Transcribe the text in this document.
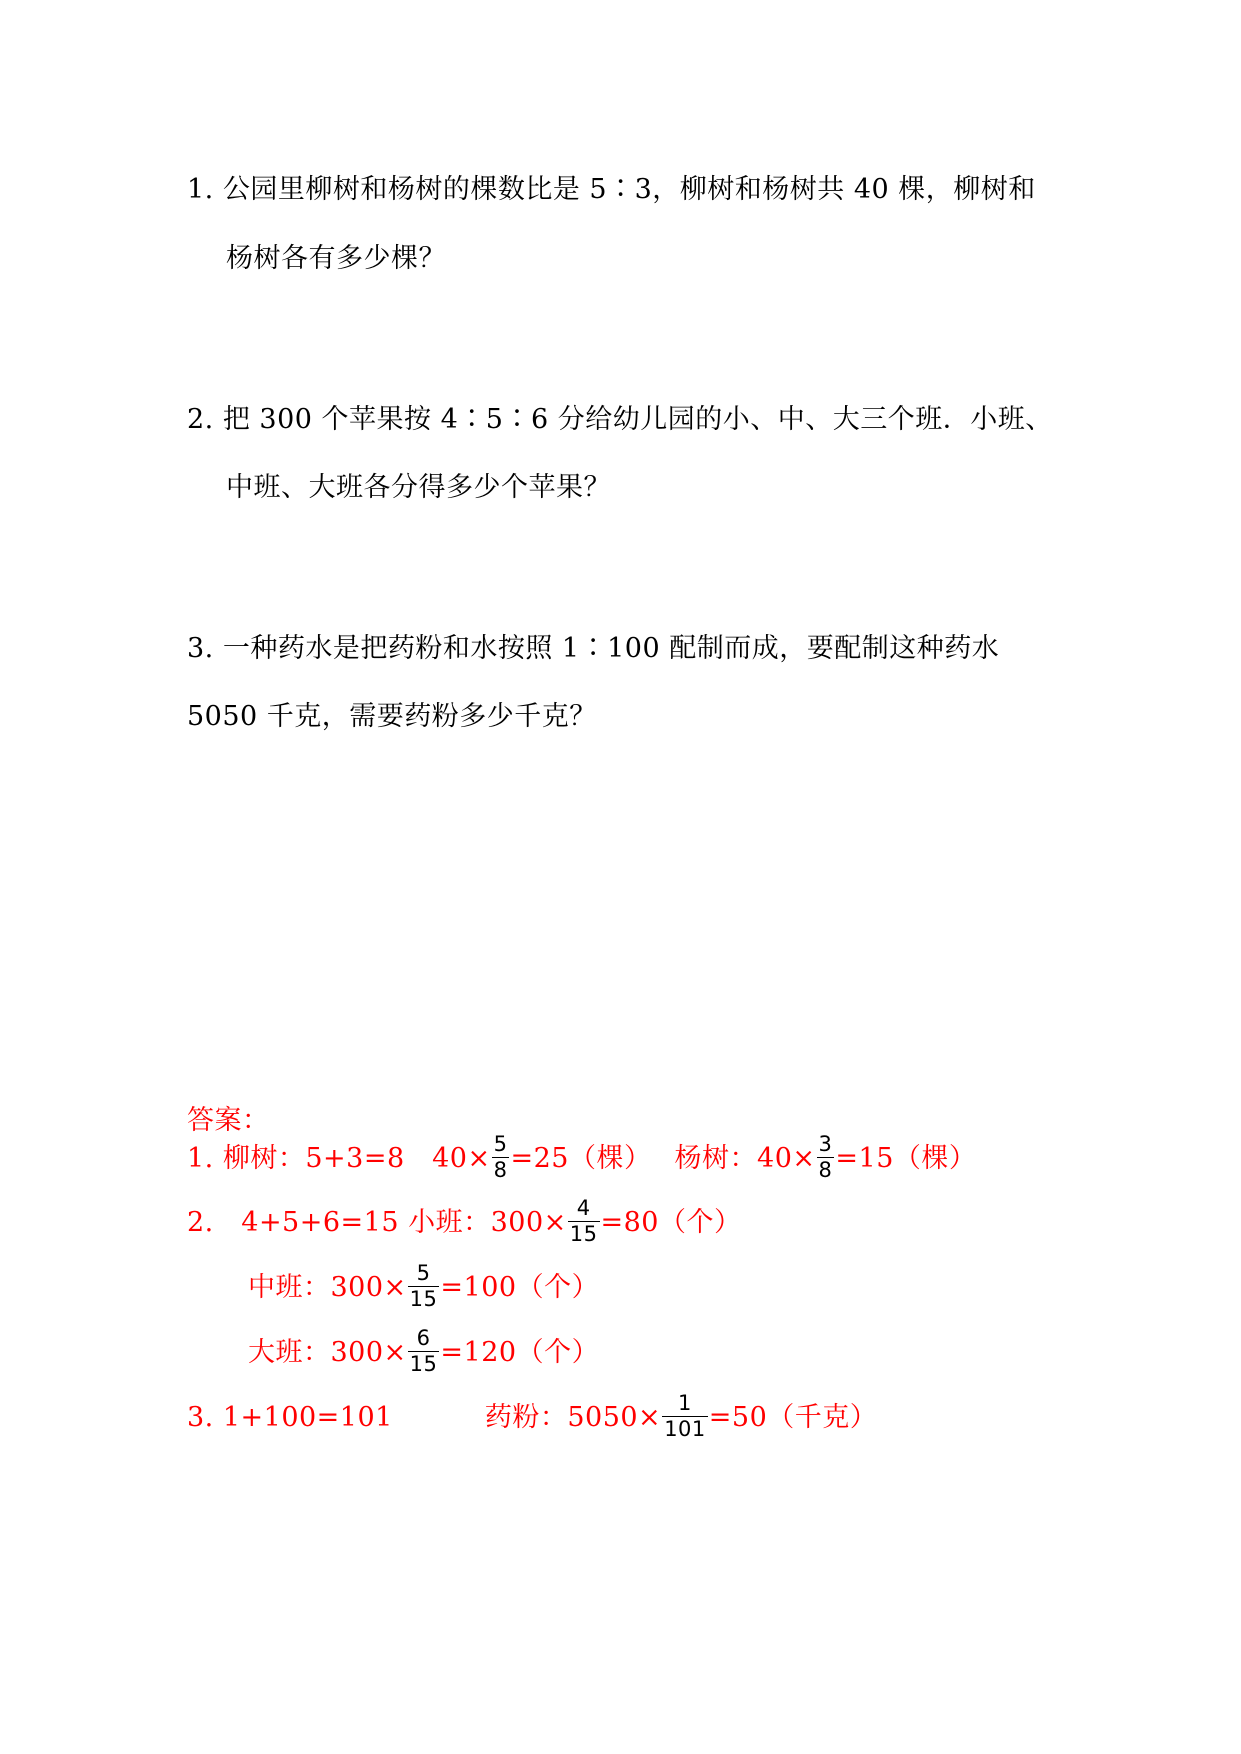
1. 公园里柳树和杨树的棵数比是 5∶3，柳树和杨树共 40 棵，柳树和
杨树各有多少棵？
2. 把 300 个苹果按 4∶5∶6 分给幼儿园的小、中、大三个班．小班、
中班、大班各分得多少个苹果？
3. 一种药水是把药粉和水按照 1∶100 配制而成，要配制这种药水
5050 千克，需要药粉多少千克？
答案：
1. 柳树：5+3=8　$40\times \frac{5}{8} =25$（棵）　 杨树：$40\times \frac{3}{8} =15$（棵）
2.　4+5+6=15 小班：$300\times \frac{4}{15} =80$（个）
中班：$300\times \frac{5}{15} =100$（个）
大班：$300\times \frac{6}{15} =120$（个）
3. 1+100=101	药粉：$5050\times \frac{1}{101} =50$（千克）
